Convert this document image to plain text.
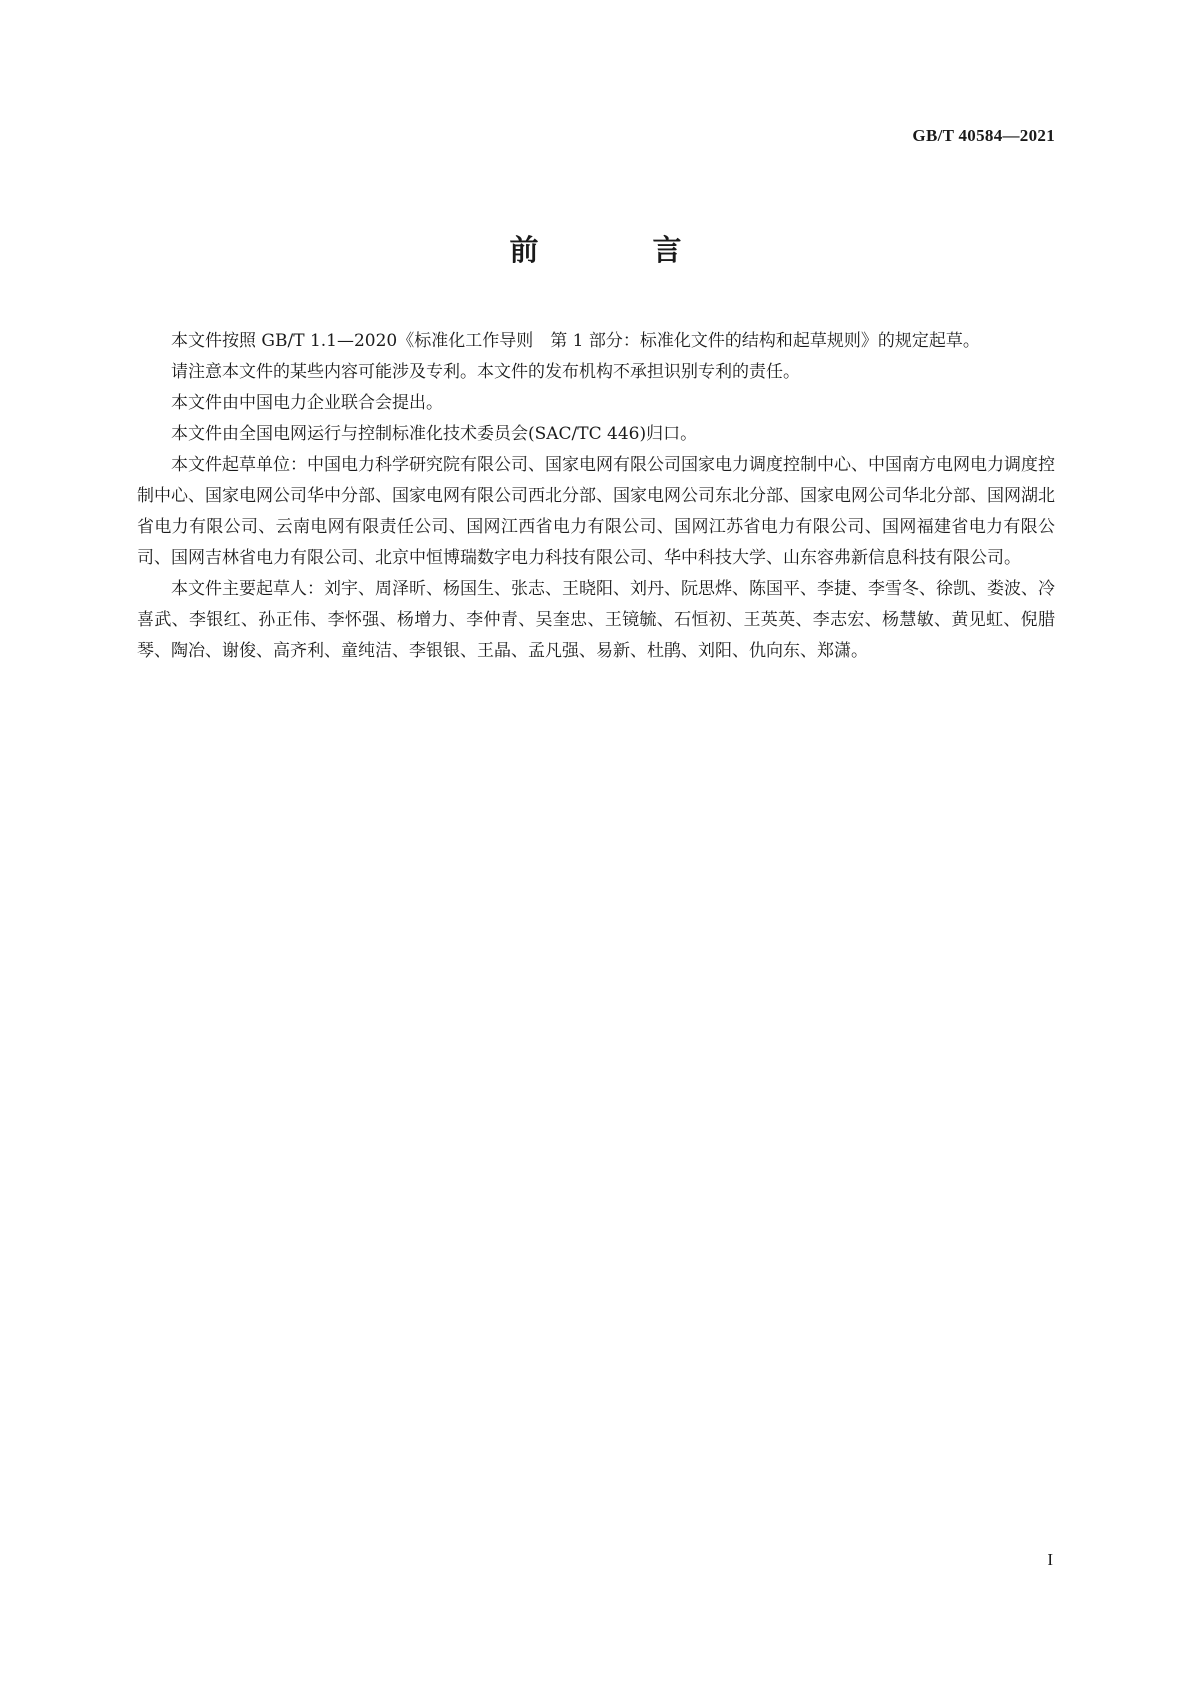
GB/T 40584—2021
前 言

本文件按照 GB/T 1.1—2020《标准化工作导则　第 1 部分：标准化文件的结构和起草规则》的规定起草。

请注意本文件的某些内容可能涉及专利。本文件的发布机构不承担识别专利的责任。

本文件由中国电力企业联合会提出。

本文件由全国电网运行与控制标准化技术委员会(SAC/TC 446)归口。

本文件起草单位：中国电力科学研究院有限公司、国家电网有限公司国家电力调度控制中心、中国南方电网电力调度控制中心、国家电网公司华中分部、国家电网有限公司西北分部、国家电网公司东北分部、国家电网公司华北分部、国网湖北省电力有限公司、云南电网有限责任公司、国网江西省电力有限公司、国网江苏省电力有限公司、国网福建省电力有限公司、国网吉林省电力有限公司、北京中恒博瑞数字电力科技有限公司、华中科技大学、山东容弗新信息科技有限公司。

本文件主要起草人：刘宇、周泽昕、杨国生、张志、王晓阳、刘丹、阮思烨、陈国平、李捷、李雪冬、徐凯、娄波、冷喜武、李银红、孙正伟、李怀强、杨增力、李仲青、吴奎忠、王镜毓、石恒初、王英英、李志宏、杨慧敏、黄见虹、倪腊琴、陶冶、谢俊、高齐利、童纯洁、李银银、王晶、孟凡强、易新、杜鹃、刘阳、仇向东、郑潇。

I
